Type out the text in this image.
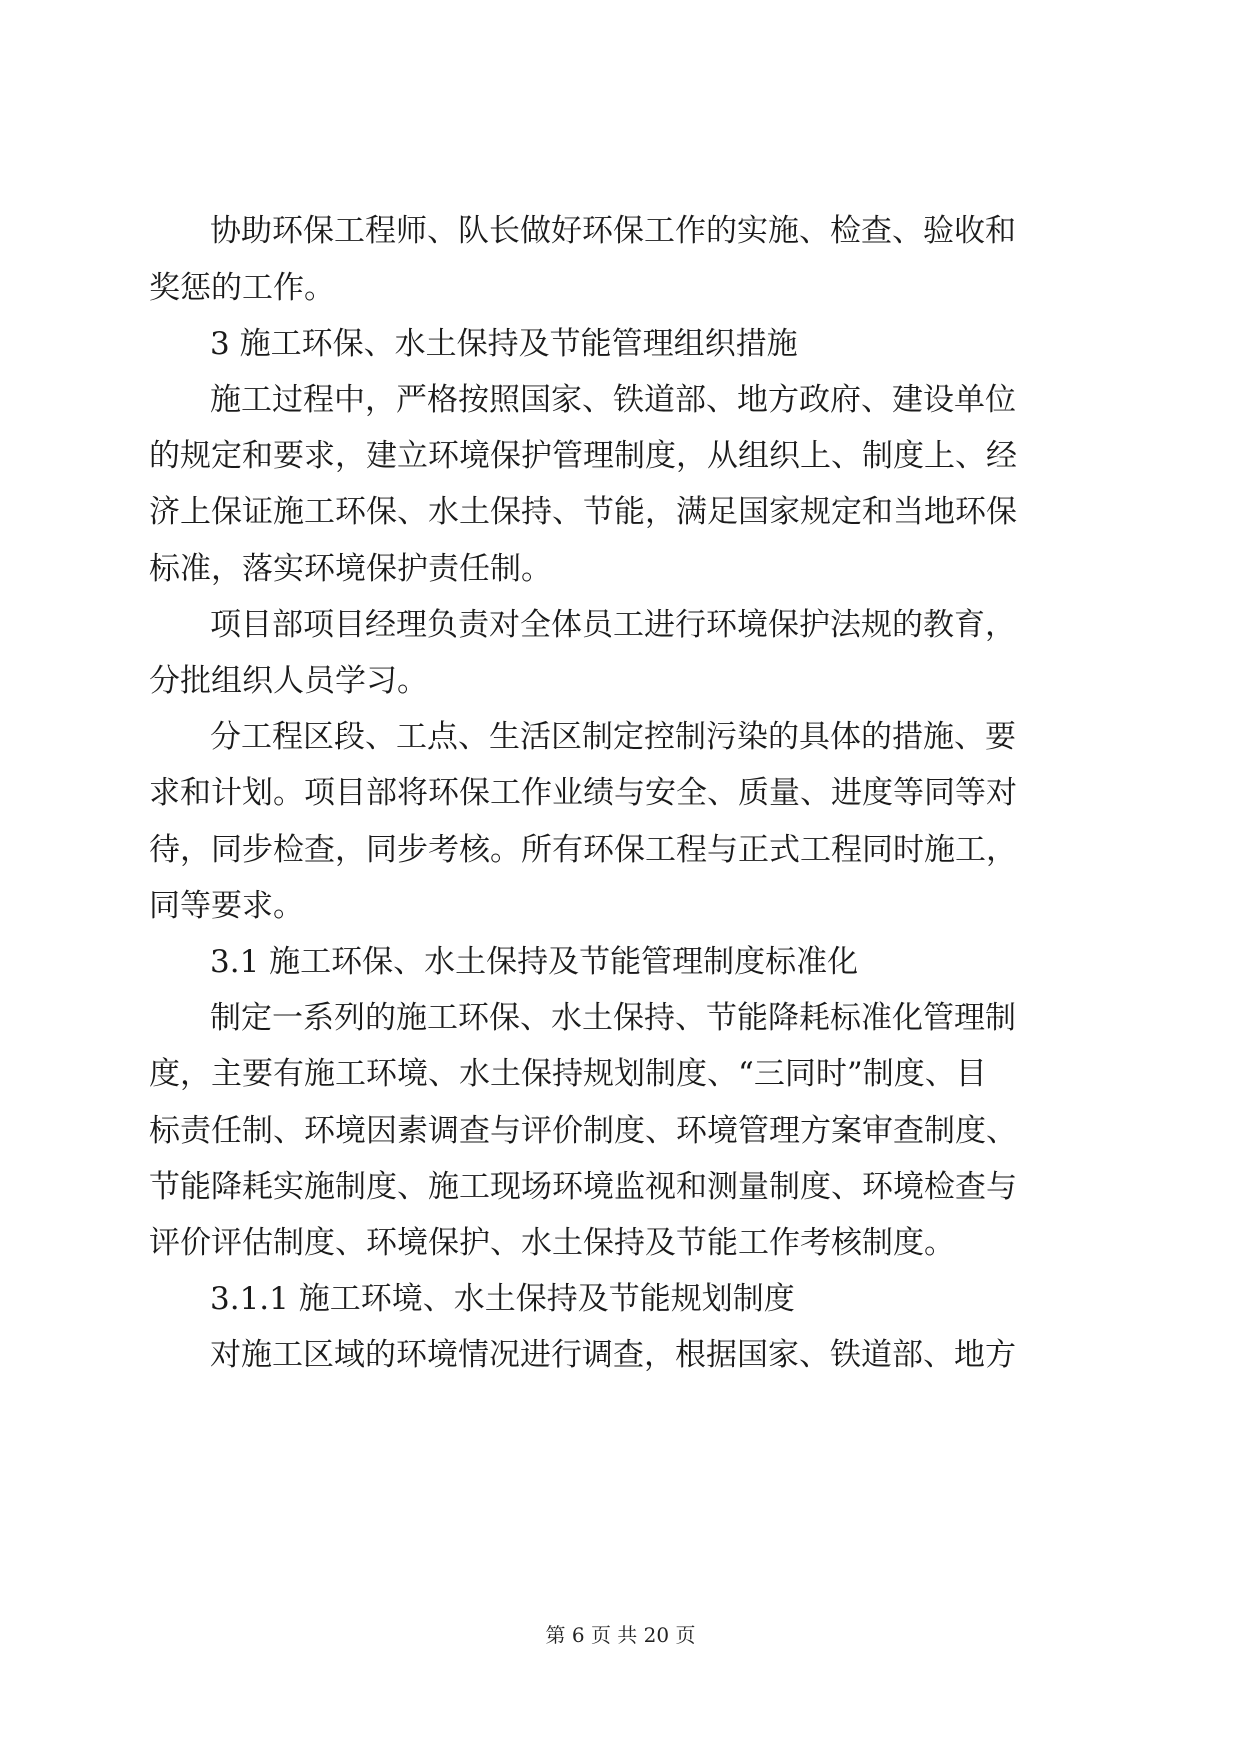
协助环保工程师、队长做好环保工作的实施、检查、验收和
奖惩的工作。
3 施工环保、水土保持及节能管理组织措施
施工过程中，严格按照国家、铁道部、地方政府、建设单位
的规定和要求，建立环境保护管理制度，从组织上、制度上、经
济上保证施工环保、水土保持、节能，满足国家规定和当地环保
标准，落实环境保护责任制。
项目部项目经理负责对全体员工进行环境保护法规的教育，
分批组织人员学习。
分工程区段、工点、生活区制定控制污染的具体的措施、要
求和计划。项目部将环保工作业绩与安全、质量、进度等同等对
待，同步检查，同步考核。所有环保工程与正式工程同时施工，
同等要求。
3.1 施工环保、水土保持及节能管理制度标准化
制定一系列的施工环保、水土保持、节能降耗标准化管理制
度，主要有施工环境、水土保持规划制度、“三同时”制度、目
标责任制、环境因素调查与评价制度、环境管理方案审查制度、
节能降耗实施制度、施工现场环境监视和测量制度、环境检查与
评价评估制度、环境保护、水土保持及节能工作考核制度。
3.1.1 施工环境、水土保持及节能规划制度
对施工区域的环境情况进行调查，根据国家、铁道部、地方
第 6 页 共 20 页
